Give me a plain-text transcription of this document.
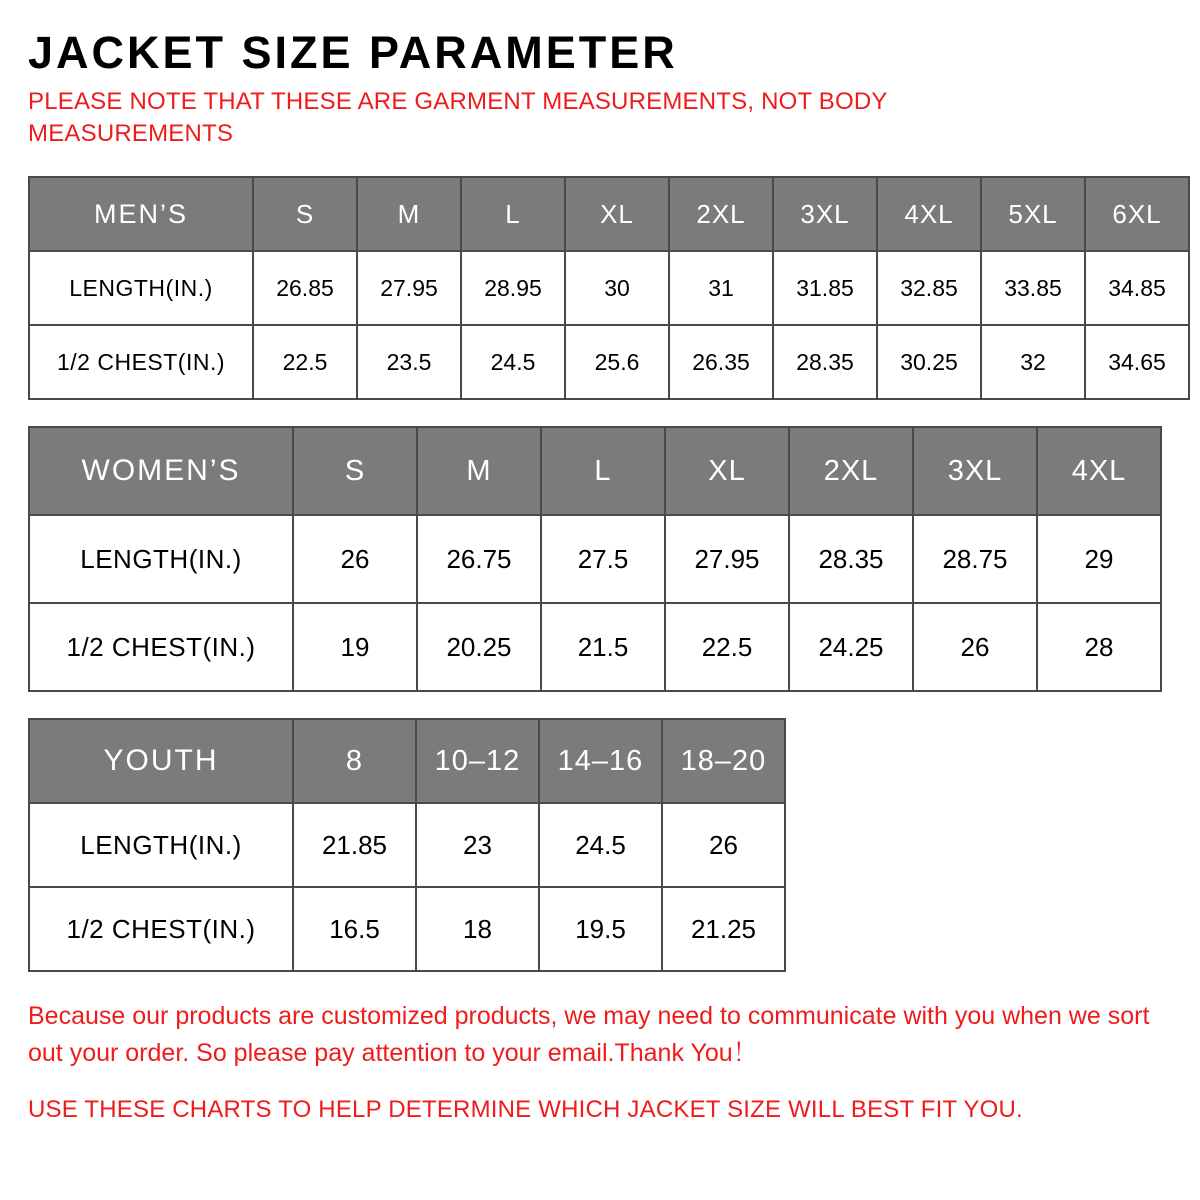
JACKET SIZE PARAMETER

PLEASE NOTE THAT THESE ARE GARMENT MEASUREMENTS, NOT BODY MEASUREMENTS

MEN’S	S	M	L	XL	2XL	3XL	4XL	5XL	6XL
LENGTH(IN.)	26.85	27.95	28.95	30	31	31.85	32.85	33.85	34.85
1/2 CHEST(IN.)	22.5	23.5	24.5	25.6	26.35	28.35	30.25	32	34.65
WOMEN’S	S	M	L	XL	2XL	3XL	4XL
LENGTH(IN.)	26	26.75	27.5	27.95	28.35	28.75	29
1/2 CHEST(IN.)	19	20.25	21.5	22.5	24.25	26	28
YOUTH	8	10–12	14–16	18–20
LENGTH(IN.)	21.85	23	24.5	26
1/2 CHEST(IN.)	16.5	18	19.5	21.25
Because our products are customized products, we may need to communicate with you when we sort out your order. So please pay attention to your email.Thank You！
USE THESE CHARTS TO HELP DETERMINE WHICH JACKET SIZE WILL BEST FIT YOU.
